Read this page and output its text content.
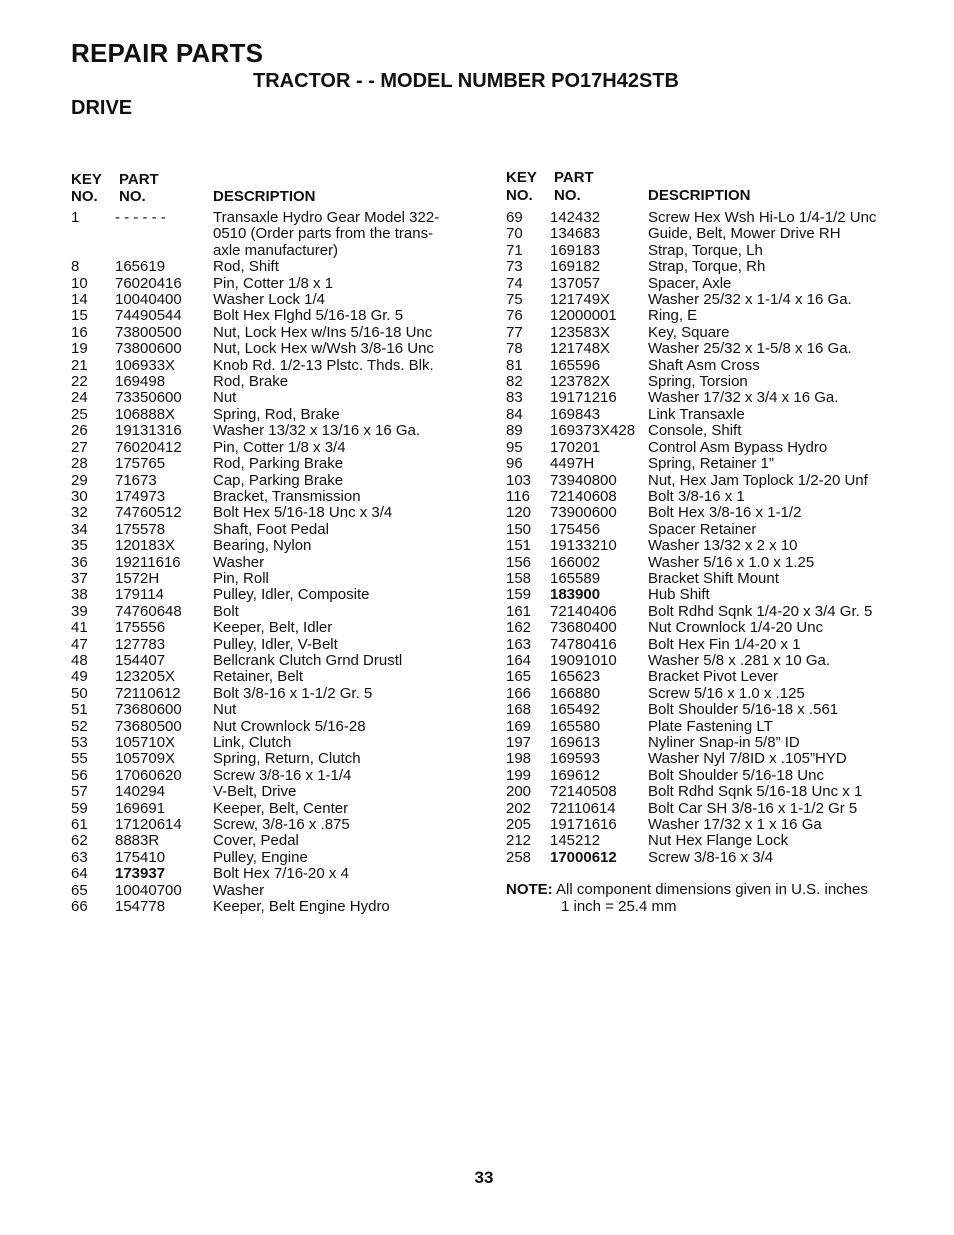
REPAIR PARTS
TRACTOR - - MODEL NUMBER PO17H42STB
DRIVE
KEY
NO.
PART
NO.	DESCRIPTION
1	- - - - - -	Transaxle Hydro Gear Model 322-
0510 (Order parts from the trans-
axle manufacturer)
8	165619	Rod, Shift
10	76020416	Pin, Cotter 1/8 x 1
14	10040400	Washer Lock 1/4
15	74490544	Bolt Hex Flghd 5/16-18 Gr. 5
16	73800500	Nut, Lock Hex w/Ins 5/16-18 Unc
19	73800600	Nut, Lock Hex w/Wsh 3/8-16 Unc
21	106933X	Knob Rd. 1/2-13 Plstc. Thds. Blk.
22	169498	Rod, Brake
24	73350600	Nut
25	106888X	Spring, Rod, Brake
26	19131316	Washer 13/32 x 13/16 x 16 Ga.
27	76020412	Pin, Cotter 1/8 x 3/4
28	175765	Rod, Parking Brake
29	71673	Cap, Parking Brake
30	174973	Bracket, Transmission
32	74760512	Bolt Hex 5/16-18 Unc x 3/4
34	175578	Shaft, Foot Pedal
35	120183X	Bearing, Nylon
36	19211616	Washer
37	1572H	Pin, Roll
38	179114	Pulley, Idler, Composite
39	74760648	Bolt
41	175556	Keeper, Belt, Idler
47	127783	Pulley, Idler, V-Belt
48	154407	Bellcrank Clutch Grnd Drustl
49	123205X	Retainer, Belt
50	72110612	Bolt 3/8-16 x 1-1/2 Gr. 5
51	73680600	Nut
52	73680500	Nut Crownlock 5/16-28
53	105710X	Link, Clutch
55	105709X	Spring, Return, Clutch
56	17060620	Screw 3/8-16 x 1-1/4
57	140294	V-Belt, Drive
59	169691	Keeper, Belt, Center
61	17120614	Screw, 3/8-16 x .875
62	8883R	Cover, Pedal
63	175410	Pulley, Engine
64	173937	Bolt Hex 7/16-20 x 4
65	10040700	Washer
66	154778	Keeper, Belt Engine Hydro
KEY
NO.
PART
NO.	DESCRIPTION
69	142432	Screw Hex Wsh Hi-Lo 1/4-1/2 Unc
70	134683	Guide, Belt, Mower Drive RH
71	169183	Strap, Torque, Lh
73	169182	Strap, Torque, Rh
74	137057	Spacer, Axle
75	121749X	Washer 25/32 x 1-1/4 x 16 Ga.
76	12000001	Ring, E
77	123583X	Key, Square
78	121748X	Washer 25/32 x 1-5/8 x 16 Ga.
81	165596	Shaft Asm Cross
82	123782X	Spring, Torsion
83	19171216	Washer 17/32 x 3/4 x 16 Ga.
84	169843	Link Transaxle
89	169373X428 Console, Shift
95	170201	Control Asm Bypass Hydro
96	4497H	Spring, Retainer 1”
103	73940800	Nut, Hex Jam Toplock 1/2-20 Unf
116	72140608	Bolt 3/8-16 x 1
120	73900600	Bolt Hex 3/8-16 x 1-1/2
150	175456	Spacer Retainer
151	19133210	Washer 13/32 x 2 x 10
156	166002	Washer 5/16 x 1.0 x 1.25
158	165589	Bracket Shift Mount
159	183900	Hub Shift
161	72140406	Bolt Rdhd Sqnk 1/4-20 x 3/4 Gr. 5
162	73680400	Nut Crownlock 1/4-20 Unc
163	74780416	Bolt Hex Fin 1/4-20 x 1
164	19091010	Washer 5/8 x .281 x 10 Ga.
165	165623	Bracket Pivot Lever
166	166880	Screw 5/16 x 1.0 x .125
168	165492	Bolt Shoulder 5/16-18 x .561
169	165580	Plate Fastening LT
197	169613	Nyliner Snap-in 5/8” ID
198	169593	Washer Nyl 7/8ID x .105”HYD
199	169612	Bolt Shoulder 5/16-18 Unc
200	72140508	Bolt Rdhd Sqnk 5/16-18 Unc x 1
202	72110614	Bolt Car SH 3/8-16 x 1-1/2 Gr 5
205	19171616	Washer 17/32 x 1 x 16 Ga
212	145212	Nut Hex Flange Lock
258	17000612	Screw 3/8-16 x 3/4
NOTE: All component dimensions given in U.S. inches
1 inch = 25.4 mm
33
